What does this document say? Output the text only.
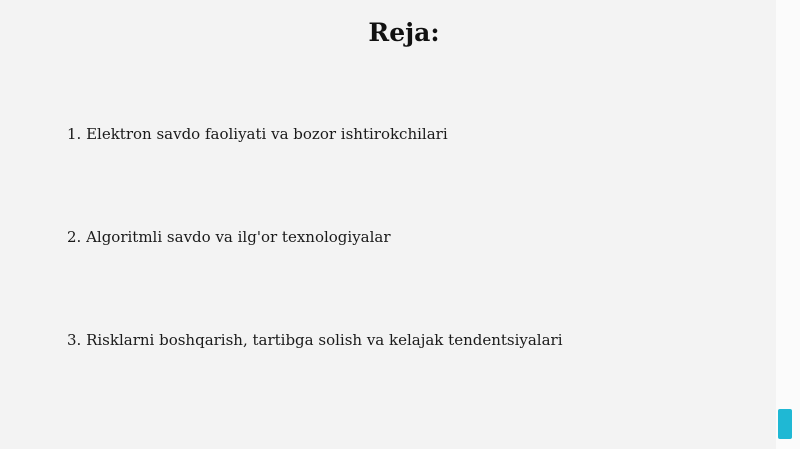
Reja:

1. Elektron savdo faoliyati va bozor ishtirokchilari

2. Algoritmli savdo va ilg'or texnologiyalar

3. Risklarni boshqarish, tartibga solish va kelajak tendentsiyalari
